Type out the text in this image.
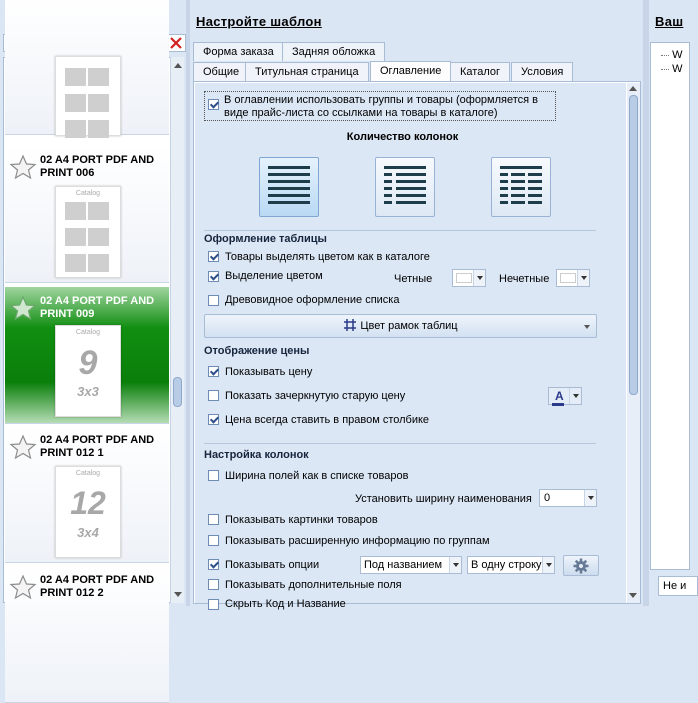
02 A4 PORT PDF AND PRINT 006
Catalog
02 A4 PORT PDF AND PRINT 009
Catalog
9
3x3
02 A4 PORT PDF AND PRINT 012 1
Catalog
12
3x4
02 A4 PORT PDF AND PRINT 012 2
Настройте шаблон
Форма заказа	Задняя обложка
Общие	Титульная страница	Оглавление	Каталог	Условия
В оглавлении использовать группы и товары (оформляется в виде прайс-листа со ссылками на товары в каталоге)
Количество колонок
Оформление таблицы
Товары выделять цветом как в каталоге
Выделение цветом	Четные	Нечетные
Древовидное оформление списка
Цвет рамок таблиц
Отображение цены
Показывать цену
Показать зачеркнутую старую цену	A
Цена всегда ставить в правом столбике
Настройка колонок
Ширина полей как в списке товаров
Установить ширину наименования	0
Показывать картинки товаров
Показывать расширенную информацию по группам
Показывать опции	Под названием	В одну строку
Показывать дополнительные поля
Скрыть Код и Название
Ваш
W
W
Не и
